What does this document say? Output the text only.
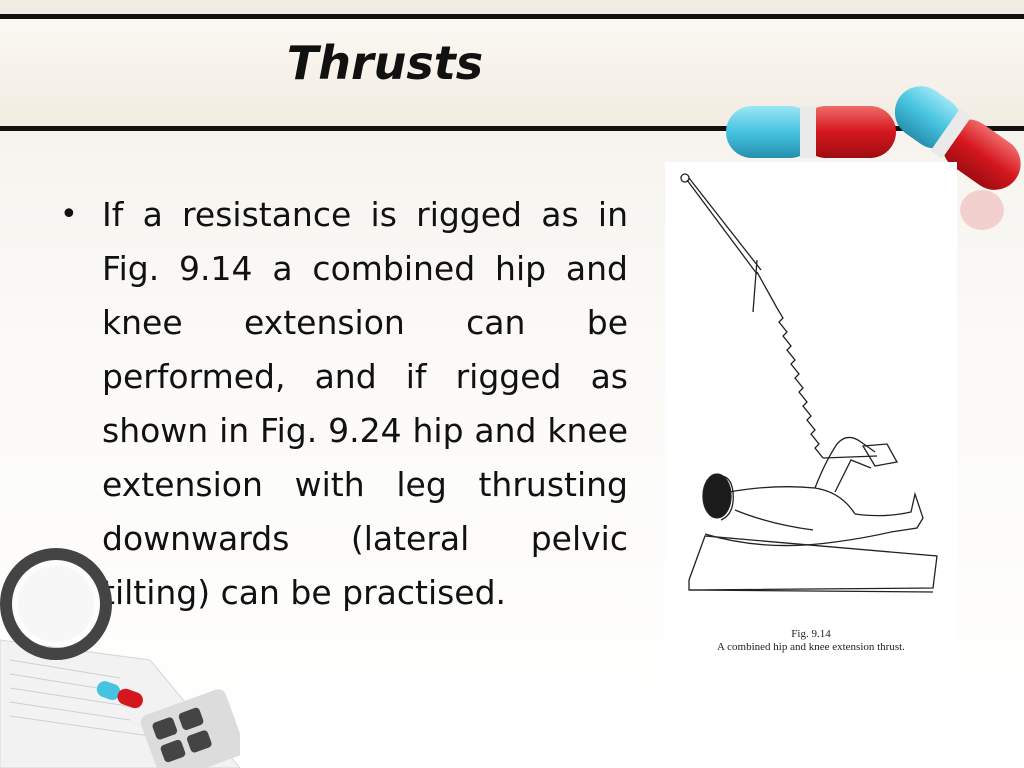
Thrusts
• If a resistance is rigged as in Fig. 9.14 a combined hip and knee extension can be performed, and if rigged as shown in Fig. 9.24 hip and knee extension with leg thrusting downwards (lateral pelvic tilting) can be practised.
Fig. 9.14
A combined hip and knee extension thrust.
